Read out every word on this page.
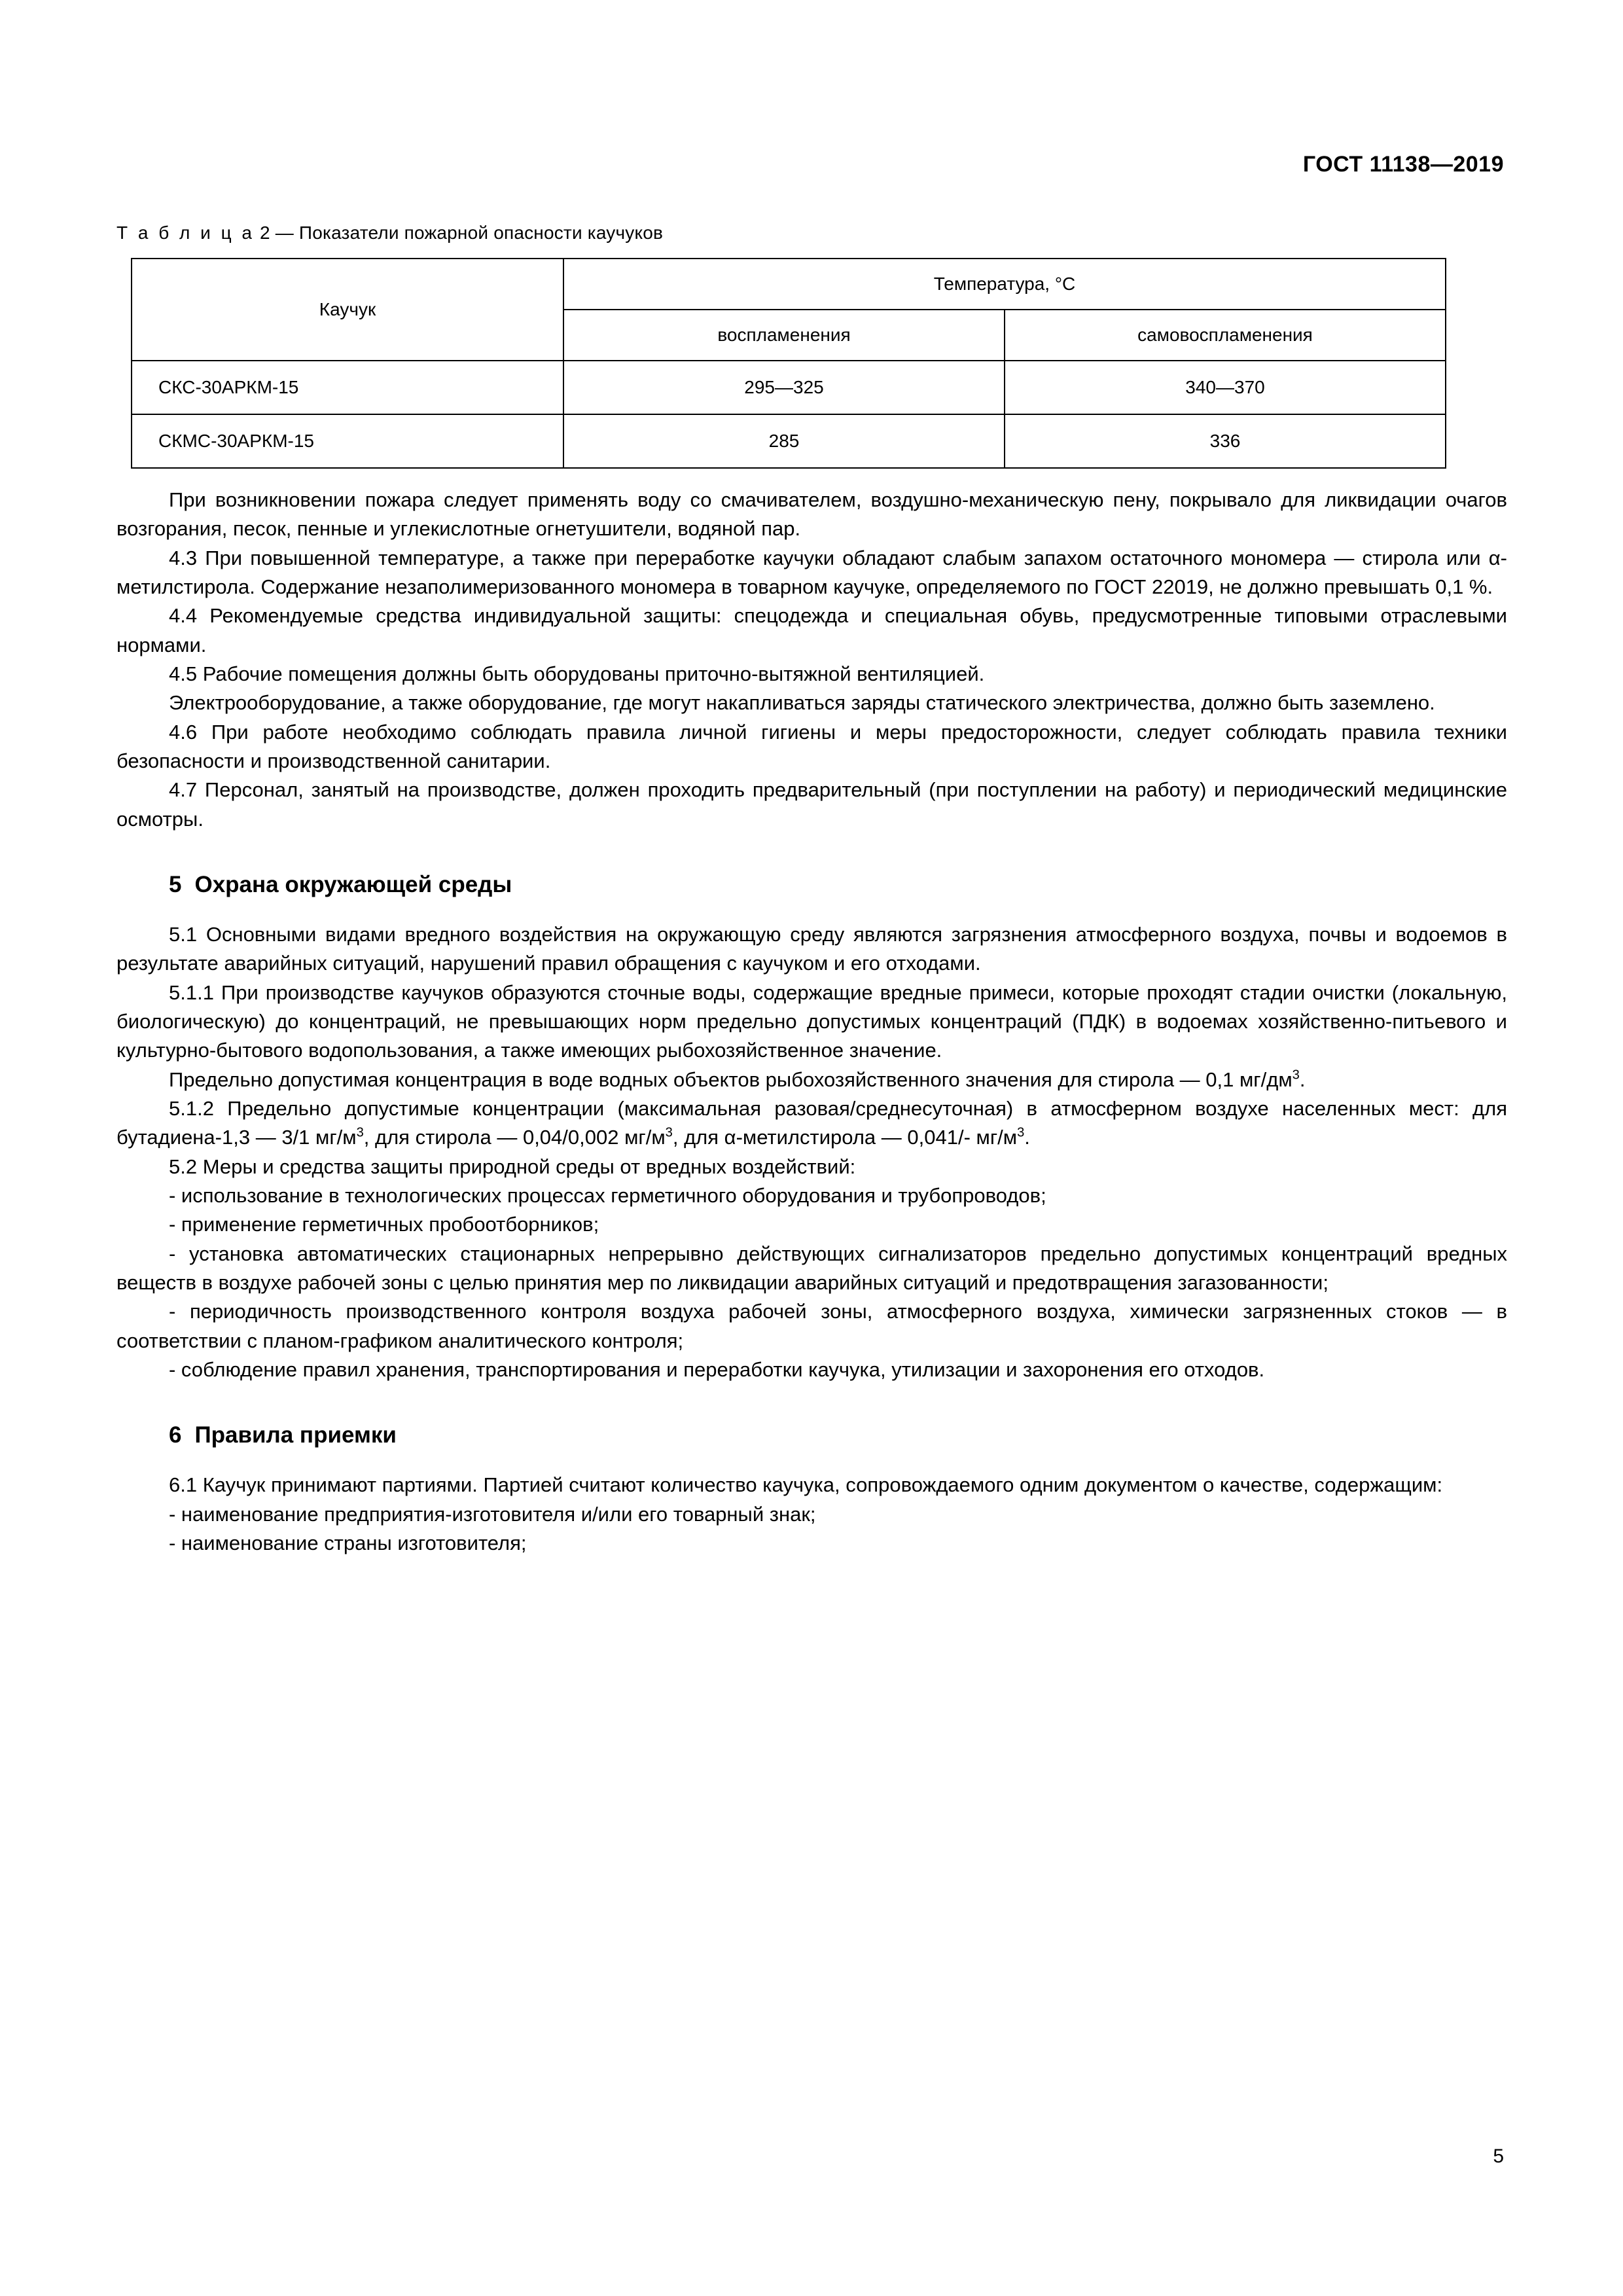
ГОСТ 11138—2019
Т а б л и ц а 2 — Показатели пожарной опасности каучуков
Каучук	Температура, °C	
	воспламенения	самовоспламенения
СКС-30АРКМ-15	295—325	340—370
СКМС-30АРКМ-15	285	336

При возникновении пожара следует применять воду со смачивателем, воздушно-механическую пену, покрывало для ликвидации очагов возгорания, песок, пенные и углекислотные огнетушители, водяной пар.

4.3 При повышенной температуре, а также при переработке каучуки обладают слабым запахом остаточного мономера — стирола или α-метилстирола. Содержание незаполимеризованного мономера в товарном каучуке, определяемого по ГОСТ 22019, не должно превышать 0,1 %.

4.4 Рекомендуемые средства индивидуальной защиты: спецодежда и специальная обувь, предусмотренные типовыми отраслевыми нормами.

4.5 Рабочие помещения должны быть оборудованы приточно-вытяжной вентиляцией.

Электрооборудование, а также оборудование, где могут накапливаться заряды статического электричества, должно быть заземлено.

4.6 При работе необходимо соблюдать правила личной гигиены и меры предосторожности, следует соблюдать правила техники безопасности и производственной санитарии.

4.7 Персонал, занятый на производстве, должен проходить предварительный (при поступлении на работу) и периодический медицинские осмотры.

5 Охрана окружающей среды

5.1 Основными видами вредного воздействия на окружающую среду являются загрязнения атмосферного воздуха, почвы и водоемов в результате аварийных ситуаций, нарушений правил обращения с каучуком и его отходами.

5.1.1 При производстве каучуков образуются сточные воды, содержащие вредные примеси, которые проходят стадии очистки (локальную, биологическую) до концентраций, не превышающих норм предельно допустимых концентраций (ПДК) в водоемах хозяйственно-питьевого и культурно-бытового водопользования, а также имеющих рыбохозяйственное значение.

Предельно допустимая концентрация в воде водных объектов рыбохозяйственного значения для стирола — 0,1 $мг/дм^3$.

5.1.2 Предельно допустимые концентрации (максимальная разовая/среднесуточная) в атмосферном воздухе населенных мест: для бутадиена-1,3 — 3/1 $мг/м^3$, для стирола — 0,04/0,002 $мг/м^3$, для α-метилстирола — 0,041/- $мг/м^3$.

5.2 Меры и средства защиты природной среды от вредных воздействий:

- использование в технологических процессах герметичного оборудования и трубопроводов;

- применение герметичных пробоотборников;

- установка автоматических стационарных непрерывно действующих сигнализаторов предельно допустимых концентраций вредных веществ в воздухе рабочей зоны с целью принятия мер по ликвидации аварийных ситуаций и предотвращения загазованности;

- периодичность производственного контроля воздуха рабочей зоны, атмосферного воздуха, химически загрязненных стоков — в соответствии с планом-графиком аналитического контроля;

- соблюдение правил хранения, транспортирования и переработки каучука, утилизации и захоронения его отходов.

6 Правила приемки

6.1 Каучук принимают партиями. Партией считают количество каучука, сопровождаемого одним документом о качестве, содержащим:

- наименование предприятия-изготовителя и/или его товарный знак;

- наименование страны изготовителя;

5
